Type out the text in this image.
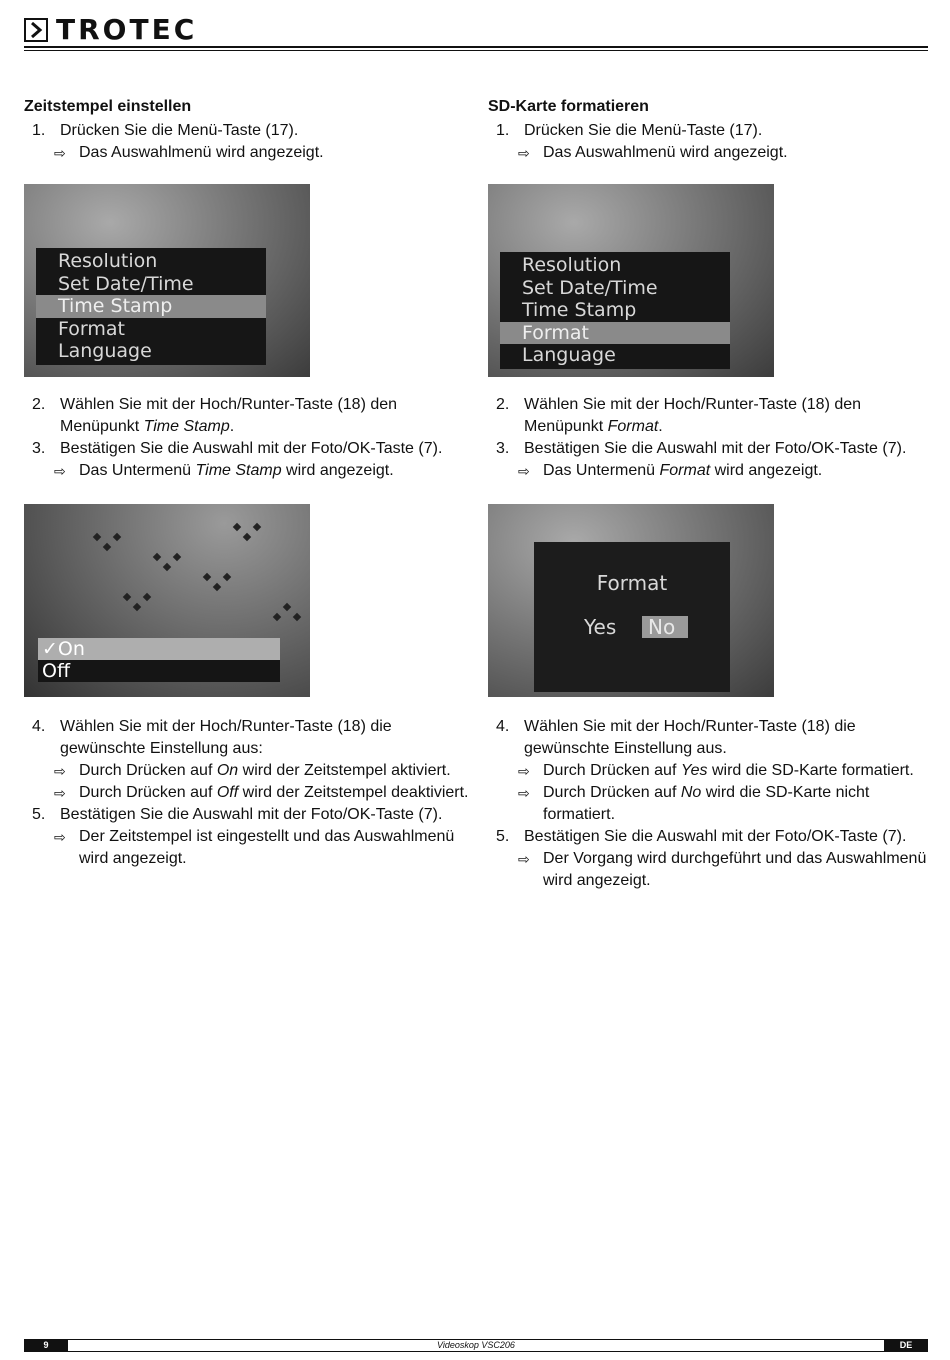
TROTEC
Zeitstempel einstellen
1. Drücken Sie die Menü-Taste (17).
⇨ Das Auswahlmenü wird angezeigt.
Resolution
Set Date/Time
Time Stamp
Format
Language
2. Wählen Sie mit der Hoch/Runter-Taste (18) den Menüpunkt Time Stamp.
3. Bestätigen Sie die Auswahl mit der Foto/OK-Taste (7).
⇨ Das Untermenü Time Stamp wird angezeigt.
✓On
Off
4. Wählen Sie mit der Hoch/Runter-Taste (18) die gewünschte Einstellung aus:
⇨ Durch Drücken auf On wird der Zeitstempel aktiviert.
⇨ Durch Drücken auf Off wird der Zeitstempel deaktiviert.
5. Bestätigen Sie die Auswahl mit der Foto/OK-Taste (7).
⇨ Der Zeitstempel ist eingestellt und das Auswahlmenü wird angezeigt.
SD-Karte formatieren
1. Drücken Sie die Menü-Taste (17).
⇨ Das Auswahlmenü wird angezeigt.
Resolution
Set Date/Time
Time Stamp
Format
Language
2. Wählen Sie mit der Hoch/Runter-Taste (18) den Menüpunkt Format.
3. Bestätigen Sie die Auswahl mit der Foto/OK-Taste (7).
⇨ Das Untermenü Format wird angezeigt.
Format
Yes	No
4. Wählen Sie mit der Hoch/Runter-Taste (18) die gewünschte Einstellung aus.
⇨ Durch Drücken auf Yes wird die SD-Karte formatiert.
⇨ Durch Drücken auf No wird die SD-Karte nicht formatiert.
5. Bestätigen Sie die Auswahl mit der Foto/OK-Taste (7).
⇨ Der Vorgang wird durchgeführt und das Auswahlmenü wird angezeigt.
9	Videoskop VSC206	DE
